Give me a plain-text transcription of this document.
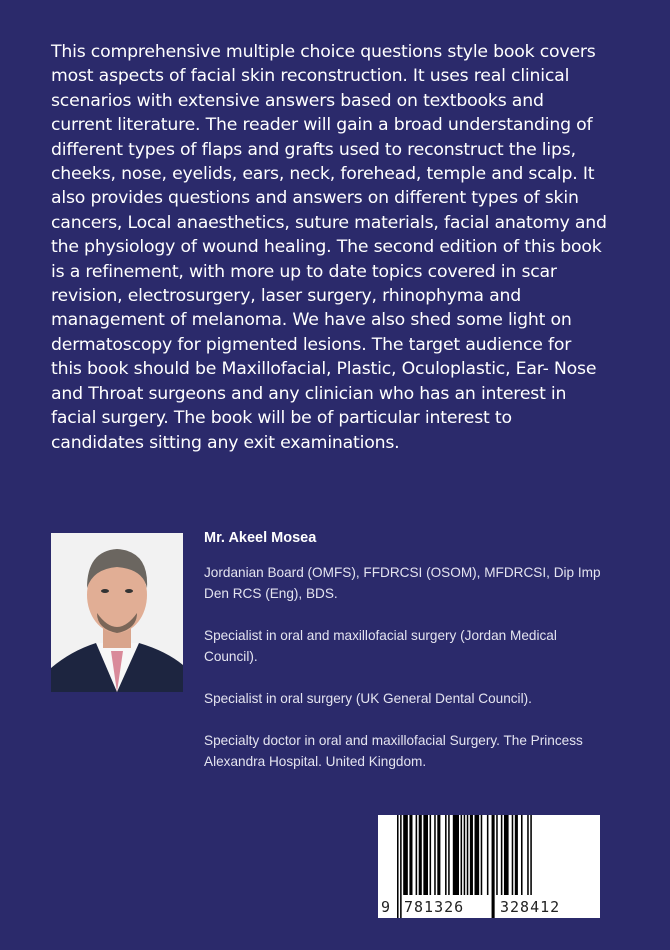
This comprehensive multiple choice questions style book covers
most aspects of facial skin reconstruction. It uses real clinical
scenarios with extensive answers based on textbooks and
current literature. The reader will gain a broad understanding of
different types of flaps and grafts used to reconstruct the lips,
cheeks, nose, eyelids, ears, neck, forehead, temple and scalp. It
also provides questions and answers on different types of skin
cancers, Local anaesthetics, suture materials, facial anatomy and
the physiology of wound healing. The second edition of this book
is a refinement, with more up to date topics covered in scar
revision, electrosurgery, laser surgery, rhinophyma and
management of melanoma. We have also shed some light on
dermatoscopy for pigmented lesions. The target audience for
this book should be Maxillofacial, Plastic, Oculoplastic, Ear- Nose
and Throat surgeons and any clinician who has an interest in
facial surgery. The book will be of particular interest to
candidates sitting any exit examinations.
Mr. Akeel Mosea

Jordanian Board (OMFS), FFDRCSI (OSOM), MFDRCSI, Dip Imp Den RCS (Eng), BDS.

Specialist in oral and maxillofacial surgery (Jordan Medical Council).

Specialist in oral surgery (UK General Dental Council).

Specialty doctor in oral and maxillofacial Surgery. The Princess Alexandra Hospital. United Kingdom.

9 781326	328412
